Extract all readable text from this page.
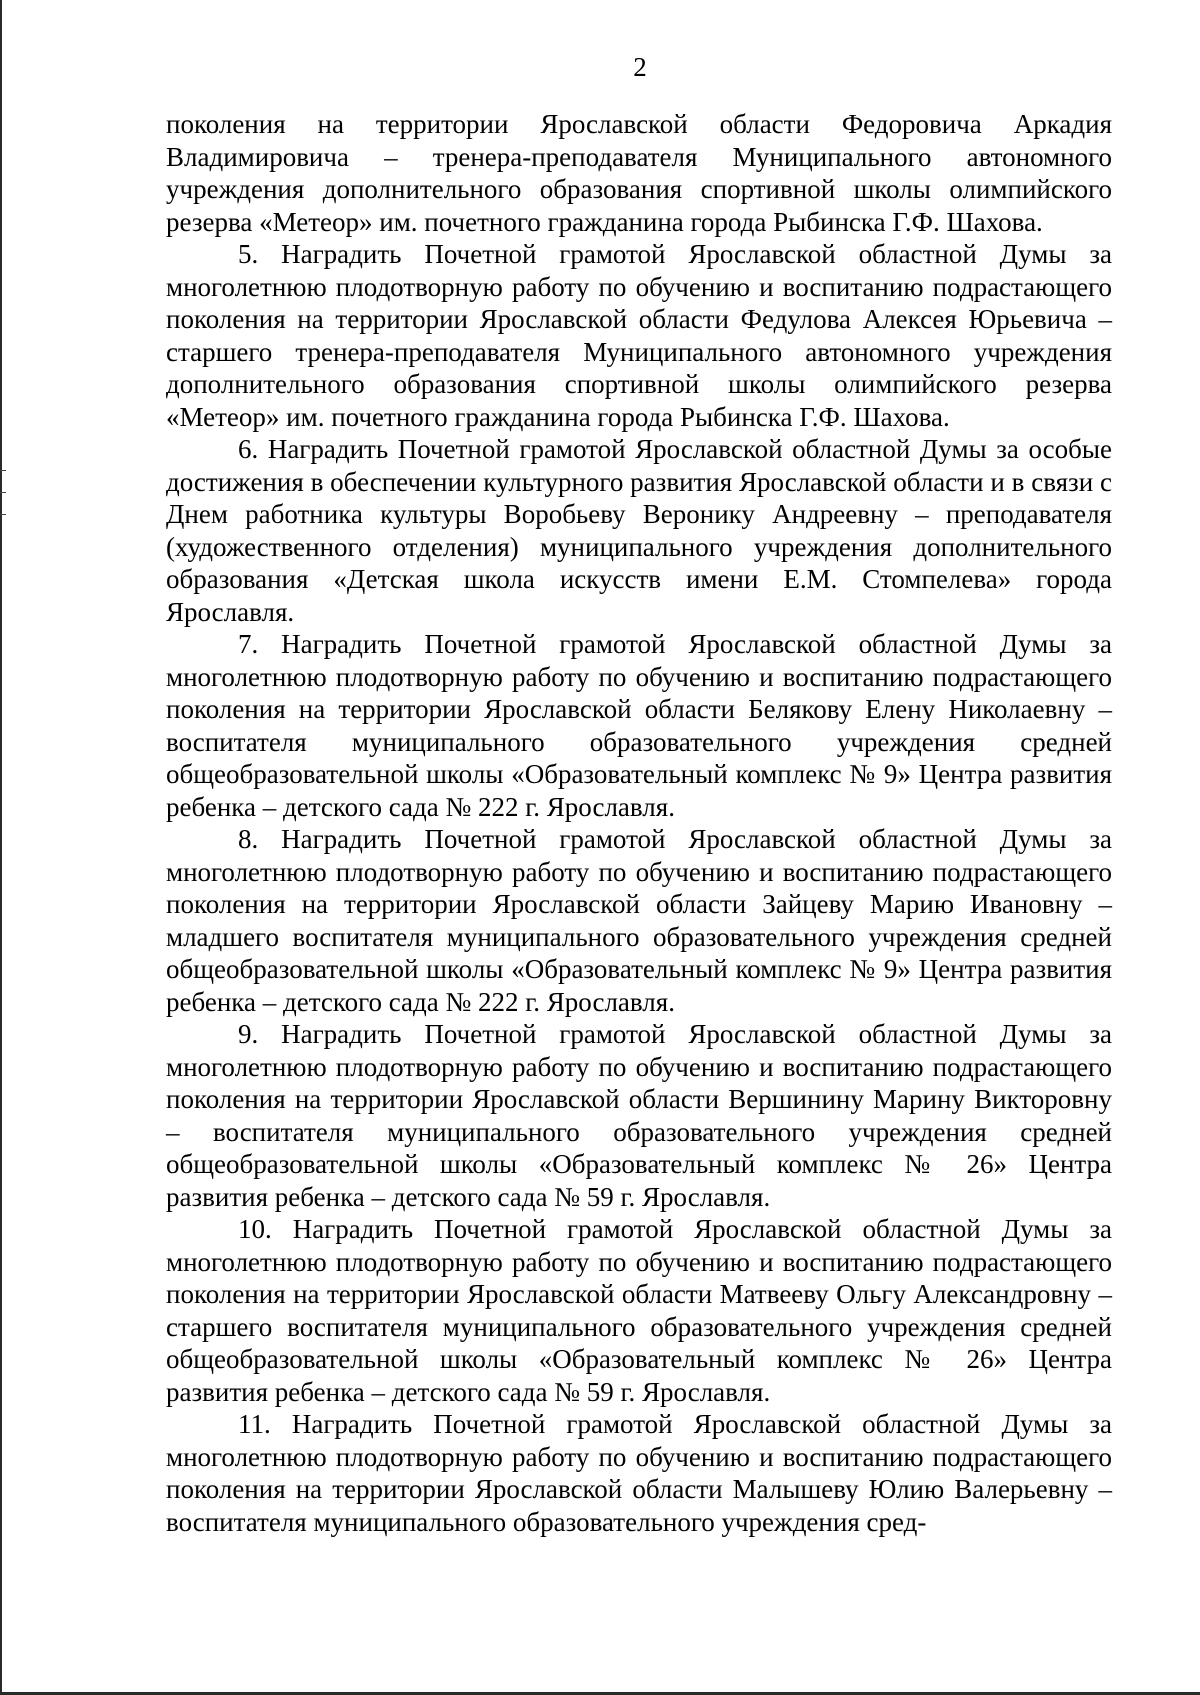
2

поколения на территории Ярославской области Федоровича Аркадия Владимировича – тренера-преподавателя Муниципального автономного учреждения дополнительного образования спортивной школы олимпийского резерва «Метеор» им. почетного гражданина города Рыбинска Г.Ф. Шахова.

5. Наградить Почетной грамотой Ярославской областной Думы за многолетнюю плодотворную работу по обучению и воспитанию подрастающего поколения на территории Ярославской области Федулова Алексея Юрьевича – старшего тренера-преподавателя Муниципального автономного учреждения дополнительного образования спортивной школы олимпийского резерва «Метеор» им. почетного гражданина города Рыбинска Г.Ф. Шахова.

6. Наградить Почетной грамотой Ярославской областной Думы за особые достижения в обеспечении культурного развития Ярославской области и в связи с Днем работника культуры Воробьеву Веронику Андреевну – преподавателя (художественного отделения) муниципального учреждения дополнительного образования «Детская школа искусств имени Е.М. Стомпелева» города Ярославля.

7. Наградить Почетной грамотой Ярославской областной Думы за многолетнюю плодотворную работу по обучению и воспитанию подрастающего поколения на территории Ярославской области Белякову Елену Николаевну – воспитателя муниципального образовательного учреждения средней общеобразовательной школы «Образовательный комплекс № 9» Центра развития ребенка – детского сада № 222 г. Ярославля.

8. Наградить Почетной грамотой Ярославской областной Думы за многолетнюю плодотворную работу по обучению и воспитанию подрастающего поколения на территории Ярославской области Зайцеву Марию Ивановну – младшего воспитателя муниципального образовательного учреждения средней общеобразовательной школы «Образовательный комплекс № 9» Центра развития ребенка – детского сада № 222 г. Ярославля.

9. Наградить Почетной грамотой Ярославской областной Думы за многолетнюю плодотворную работу по обучению и воспитанию подрастающего поколения на территории Ярославской области Вершинину Марину Викторовну – воспитателя муниципального образовательного учреждения средней общеобразовательной школы «Образовательный комплекс № 26» Центра развития ребенка – детского сада № 59 г. Ярославля.

10. Наградить Почетной грамотой Ярославской областной Думы за многолетнюю плодотворную работу по обучению и воспитанию подрастающего поколения на территории Ярославской области Матвееву Ольгу Александровну – старшего воспитателя муниципального образовательного учреждения средней общеобразовательной школы «Образовательный комплекс № 26» Центра развития ребенка – детского сада № 59 г. Ярославля.

11. Наградить Почетной грамотой Ярославской областной Думы за многолетнюю плодотворную работу по обучению и воспитанию подрастающего поколения на территории Ярославской области Малышеву Юлию Валерьевну – воспитателя муниципального образовательного учреждения сред-
